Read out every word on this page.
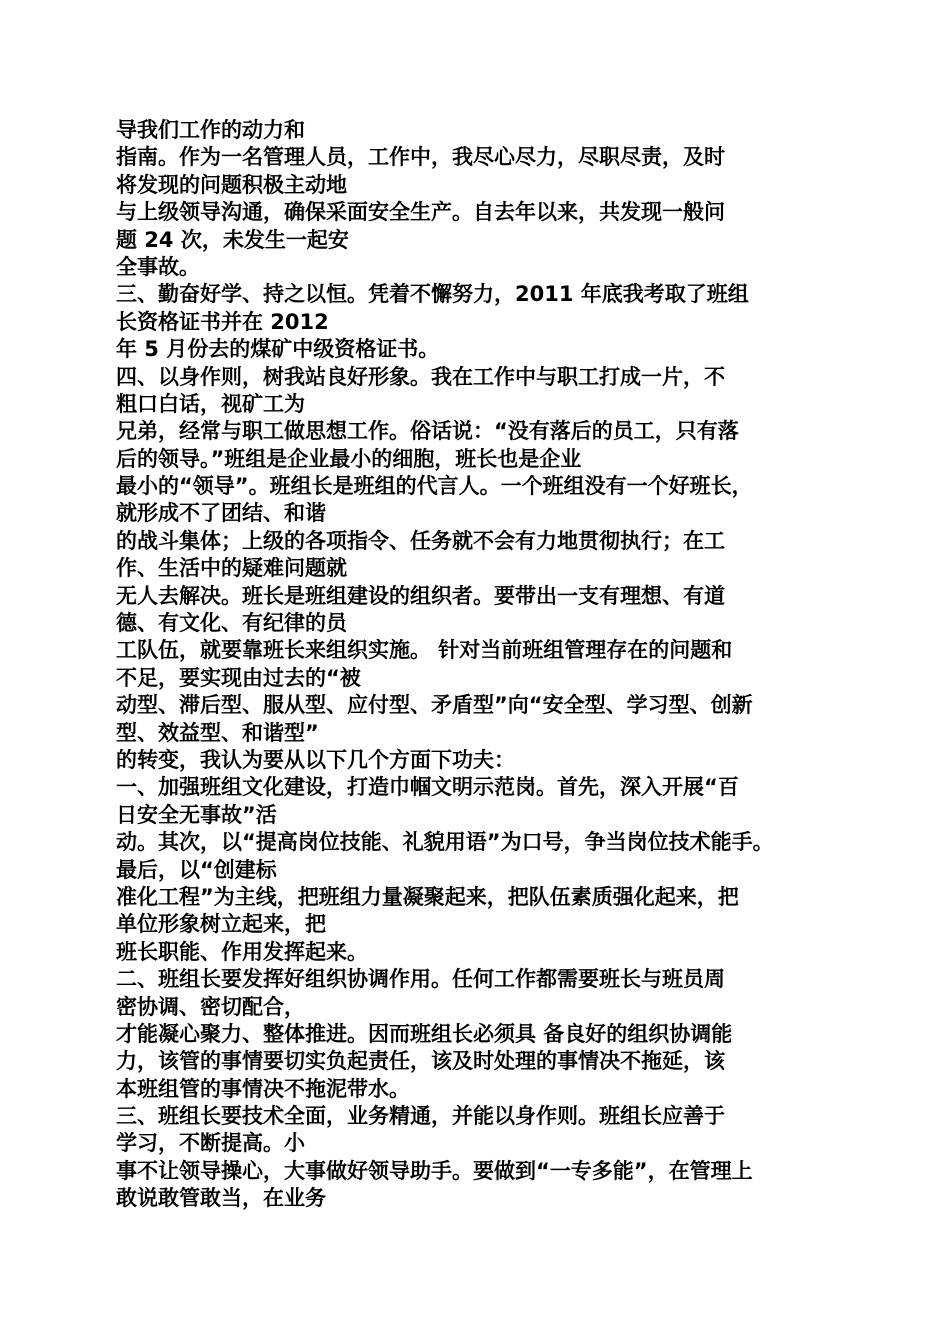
导我们工作的动力和
指南。作为一名管理人员，工作中，我尽心尽力，尽职尽责，及时
将发现的问题积极主动地
与上级领导沟通，确保采面安全生产。自去年以来，共发现一般问
题 24 次，未发生一起安
全事故。
三、勤奋好学、持之以恒。凭着不懈努力，2011 年底我考取了班组
长资格证书并在 2012
年 5 月份去的煤矿中级资格证书。
四、以身作则，树我站良好形象。我在工作中与职工打成一片，不
粗口白话，视矿工为
兄弟，经常与职工做思想工作。俗话说：“没有落后的员工，只有落
后的领导。”班组是企业最小的细胞，班长也是企业
最小的“领导”。班组长是班组的代言人。一个班组没有一个好班长，
就形成不了团结、和谐
的战斗集体；上级的各项指令、任务就不会有力地贯彻执行；在工
作、生活中的疑难问题就
无人去解决。班长是班组建设的组织者。要带出一支有理想、有道
德、有文化、有纪律的员
工队伍，就要靠班长来组织实施。 针对当前班组管理存在的问题和
不足，要实现由过去的“被
动型、滞后型、服从型、应付型、矛盾型”向“安全型、学习型、创新
型、效益型、和谐型”
的转变，我认为要从以下几个方面下功夫：
一、加强班组文化建设，打造巾帼文明示范岗。首先，深入开展“百
日安全无事故”活
动。其次，以“提高岗位技能、礼貌用语”为口号，争当岗位技术能手。
最后，以“创建标
准化工程”为主线，把班组力量凝聚起来，把队伍素质强化起来，把
单位形象树立起来，把
班长职能、作用发挥起来。
二、班组长要发挥好组织协调作用。任何工作都需要班长与班员周
密协调、密切配合，
才能凝心聚力、整体推进。因而班组长必须具 备良好的组织协调能
力，该管的事情要切实负起责任，该及时处理的事情决不拖延，该
本班组管的事情决不拖泥带水。
三、班组长要技术全面，业务精通，并能以身作则。班组长应善于
学习，不断提高。小
事不让领导操心，大事做好领导助手。要做到“一专多能”，在管理上
敢说敢管敢当，在业务
